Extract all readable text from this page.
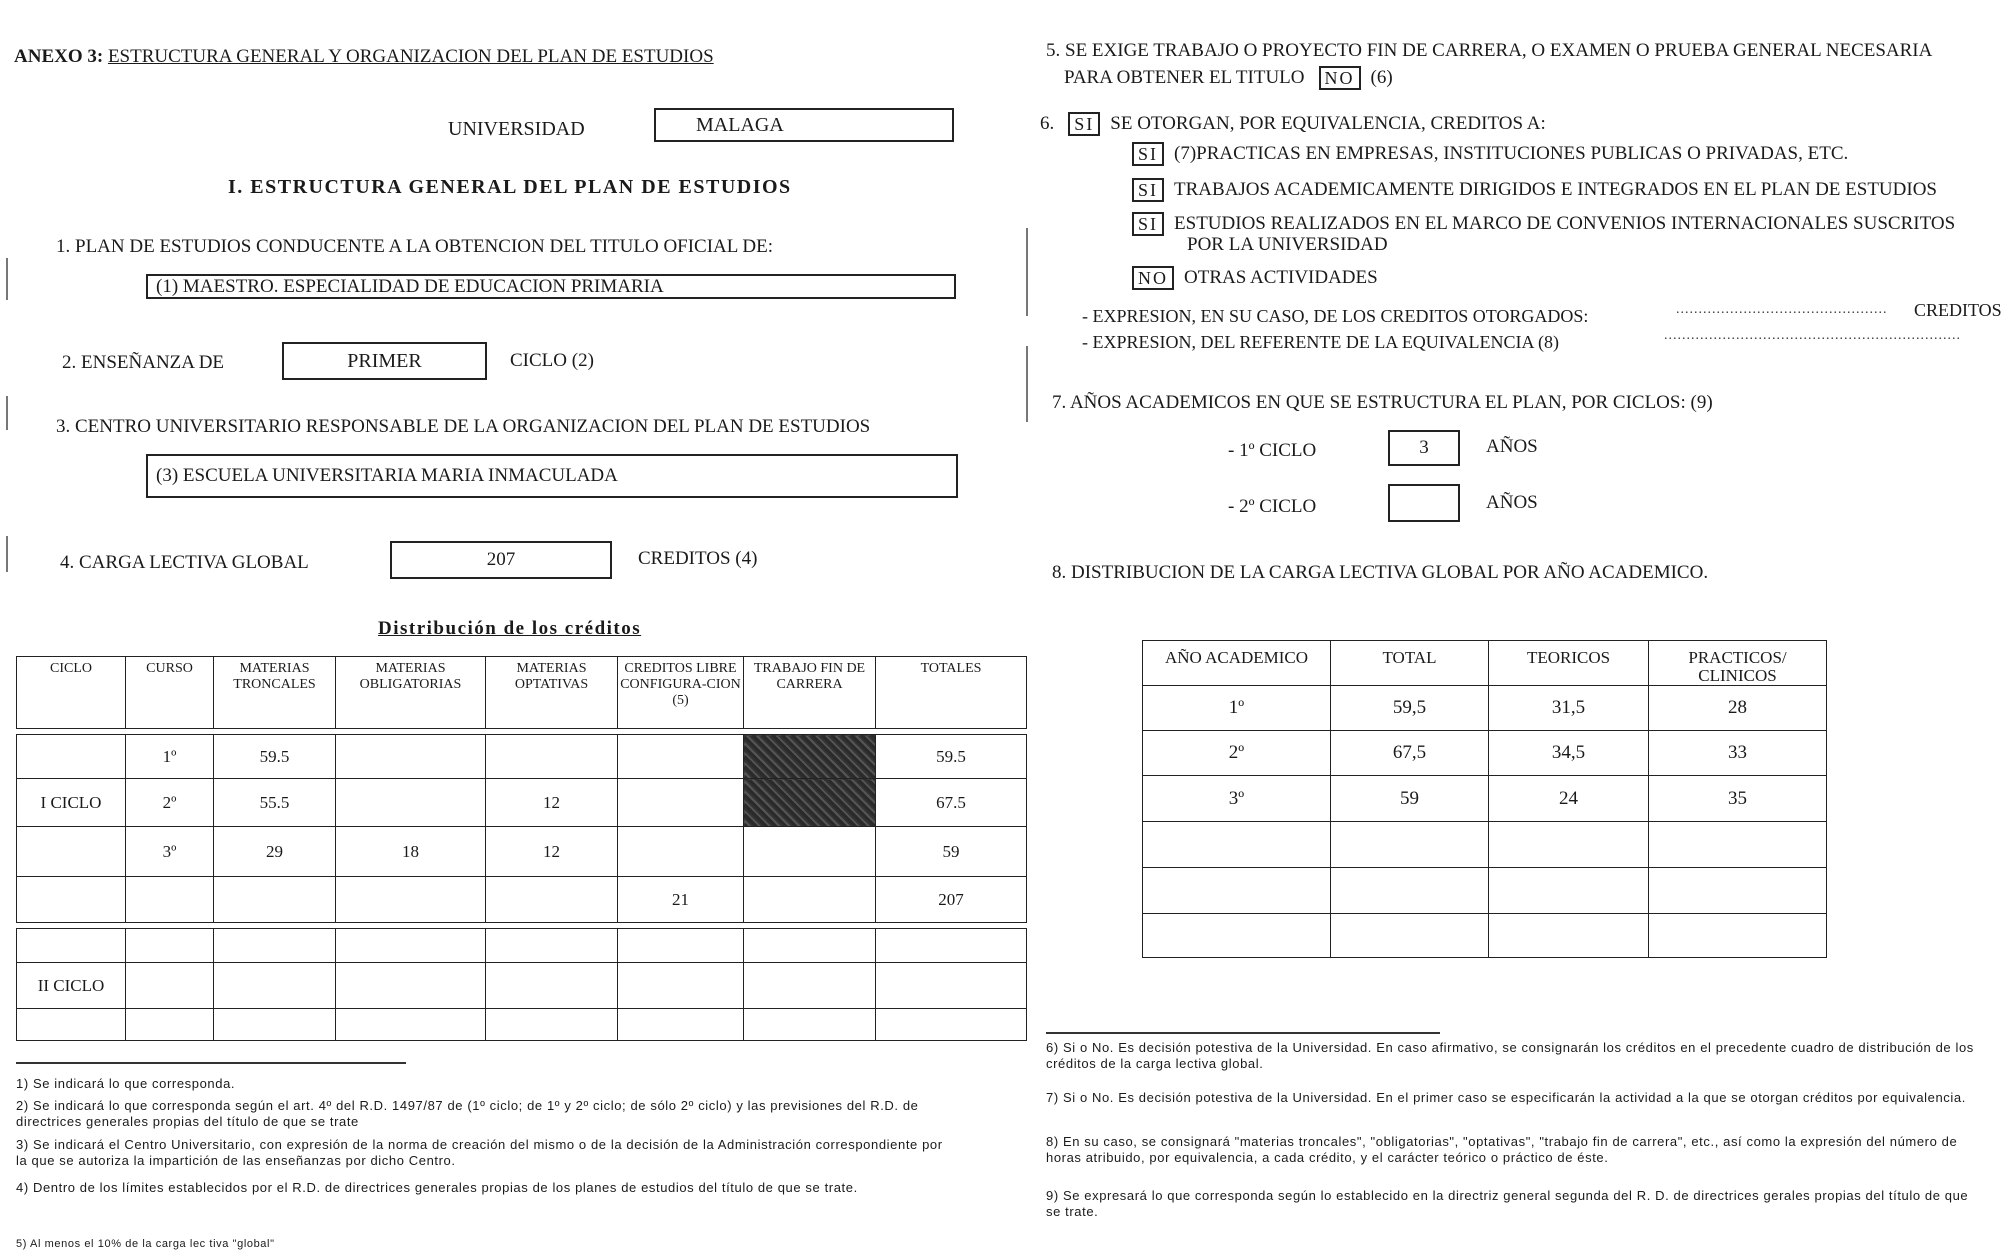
ANEXO 3: ESTRUCTURA GENERAL Y ORGANIZACION DEL PLAN DE ESTUDIOS
UNIVERSIDAD	MALAGA
I. ESTRUCTURA GENERAL DEL PLAN DE ESTUDIOS
1. PLAN DE ESTUDIOS CONDUCENTE A LA OBTENCION DEL TITULO OFICIAL DE:
(1) MAESTRO. ESPECIALIDAD DE EDUCACION PRIMARIA
2. ENSEÑANZA DE	PRIMER	CICLO (2)
3. CENTRO UNIVERSITARIO RESPONSABLE DE LA ORGANIZACION DEL PLAN DE ESTUDIOS
(3) ESCUELA UNIVERSITARIA MARIA INMACULADA
4. CARGA LECTIVA GLOBAL	207	CREDITOS (4)
Distribución de los créditos
CICLO	CURSO	MATERIAS TRONCALES	MATERIAS OBLIGATORIAS	MATERIAS OPTATIVAS	CREDITOS LIBRE CONFIGURA-CION (5)	TRABAJO FIN DE CARRERA	TOTALES

	1º	59.5					59.5
I CICLO	2º	55.5		12			67.5
	3º	29	18	12			59
					21		207

II CICLO							

1) Se indicará lo que corresponda.
2) Se indicará lo que corresponda según el art. 4º del R.D. 1497/87 de (1º ciclo; de 1º y 2º ciclo; de sólo 2º ciclo) y las previsiones del R.D. de directrices generales propias del título de que se trate
3) Se indicará el Centro Universitario, con expresión de la norma de creación del mismo o de la decisión de la Administración correspondiente por la que se autoriza la impartición de las enseñanzas por dicho Centro.
4) Dentro de los límites establecidos por el R.D. de directrices generales propias de los planes de estudios del título de que se trate.
5) Al menos el 10% de la carga lec tiva "global"
5. SE EXIGE TRABAJO O PROYECTO FIN DE CARRERA, O EXAMEN O PRUEBA GENERAL NECESARIA
PARA OBTENER EL TITULO	NO (6)
6.	SI SE OTORGAN, POR EQUIVALENCIA, CREDITOS A:
SI (7)PRACTICAS EN EMPRESAS, INSTITUCIONES PUBLICAS O PRIVADAS, ETC.
SI TRABAJOS ACADEMICAMENTE DIRIGIDOS E INTEGRADOS EN EL PLAN DE ESTUDIOS
SI ESTUDIOS REALIZADOS EN EL MARCO DE CONVENIOS INTERNACIONALES SUSCRITOS
POR LA UNIVERSIDAD
NO OTRAS ACTIVIDADES
- EXPRESION, EN SU CASO, DE LOS CREDITOS OTORGADOS:	............................................... CREDITOS
- EXPRESION, DEL REFERENTE DE LA EQUIVALENCIA (8)	..................................................................
7. AÑOS ACADEMICOS EN QUE SE ESTRUCTURA EL PLAN, POR CICLOS: (9)
- 1º CICLO	3	AÑOS
- 2º CICLO	AÑOS
8. DISTRIBUCION DE LA CARGA LECTIVA GLOBAL POR AÑO ACADEMICO.
AÑO ACADEMICO	TOTAL	TEORICOS	PRACTICOS/ CLINICOS
1º	59,5	31,5	28
2º	67,5	34,5	33
3º	59	24	35

6) Si o No. Es decisión potestiva de la Universidad. En caso afirmativo, se consignarán los créditos en el precedente cuadro de distribución de los créditos de la carga lectiva global.
7) Si o No. Es decisión potestiva de la Universidad. En el primer caso se especificarán la actividad a la que se otorgan créditos por equivalencia.
8) En su caso, se consignará "materias troncales", "obligatorias", "optativas", "trabajo fin de carrera", etc., así como la expresión del número de horas atribuido, por equivalencia, a cada crédito, y el carácter teórico o práctico de éste.
9) Se expresará lo que corresponda según lo establecido en la directriz general segunda del R. D. de directrices gerales propias del título de que se trate.
